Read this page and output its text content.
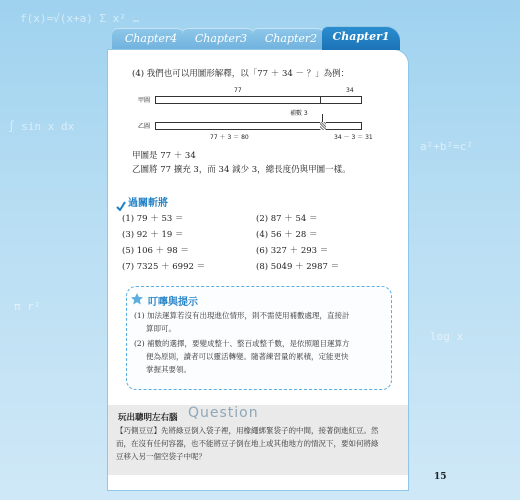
f(x)=√(x+a) Σ x² …
∫ sin x dx
a²+b²=c²
π r²
log x
Chapter4	Chapter3	Chapter2	Chapter1
(4) 我們也可以用圖形解釋，以「77 ＋ 34 － ？」為例：
77	34
甲圖
補數 3
乙圖
77 ＋ 3 ＝ 80	34 － 3 ＝ 31
甲圖是 77 ＋ 34
乙圖將 77 擴充 3，而 34 減少 3，總長度仍與甲圖一樣。
過關斬將
(1) 79 ＋ 53 ＝	(2) 87 ＋ 54 ＝
(3) 92 ＋ 19 ＝	(4) 56 ＋ 28 ＝
(5) 106 ＋ 98 ＝	(6) 327 ＋ 293 ＝
(7) 7325 ＋ 6992 ＝	(8) 5049 ＋ 2987 ＝
叮嚀與提示
(1) 加法運算若沒有出現進位情形，則不需使用補數處理，直接計
算即可。
(2) 補數的選擇，要變成整十、整百或整千數，是依照題目運算方
便為原則，讀者可以靈活轉變。隨著練習量的累積，定能更快
掌握其要領。
玩出聰明左右腦 Question
【巧側豆豆】先將綠豆倒入袋子裡，用橡繩綁緊袋子的中間，接著倒進紅豆。然
而，在沒有任何容器，也不能將豆子倒在地上或其他地方的情況下，要如何將綠
豆移入另一個空袋子中呢？
15
